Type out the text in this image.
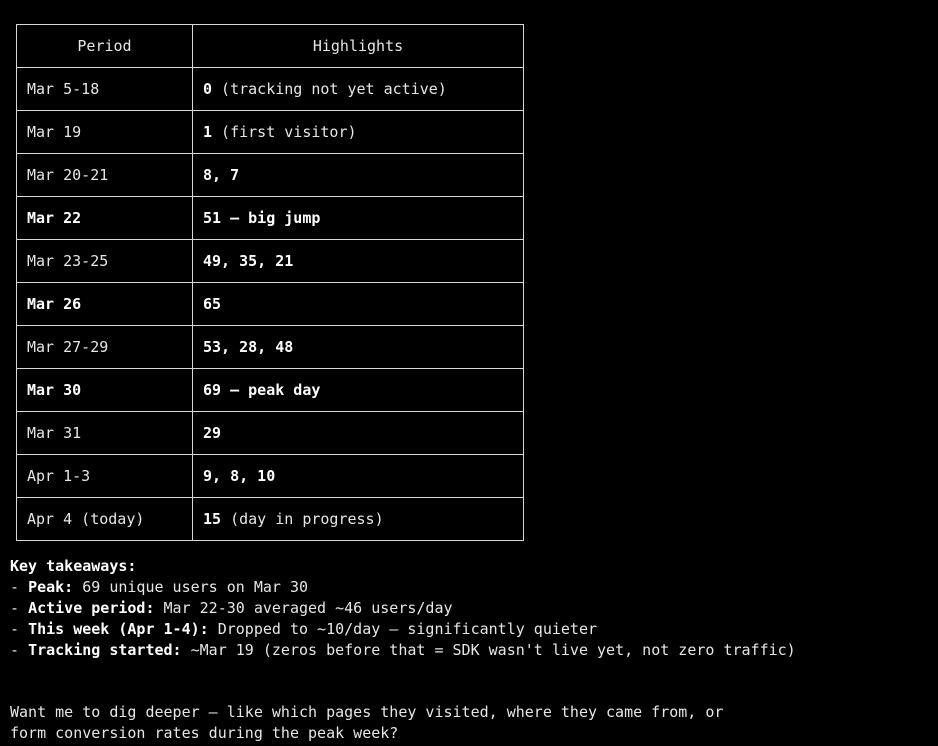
Period	Highlights
Mar 5-18	0 (tracking not yet active)
Mar 19	1 (first visitor)
Mar 20-21	8, 7
Mar 22	51 — big jump
Mar 23-25	49, 35, 21
Mar 26	65
Mar 27-29	53, 28, 48
Mar 30	69 — peak day
Mar 31	29
Apr 1-3	9, 8, 10
Apr 4 (today)	15 (day in progress)
Key takeaways:
- Peak: 69 unique users on Mar 30
- Active period: Mar 22-30 averaged ~46 users/day
- This week (Apr 1-4): Dropped to ~10/day — significantly quieter
- Tracking started: ~Mar 19 (zeros before that = SDK wasn't live yet, not zero traffic)
Want me to dig deeper — like which pages they visited, where they came from, or
form conversion rates during the peak week?
